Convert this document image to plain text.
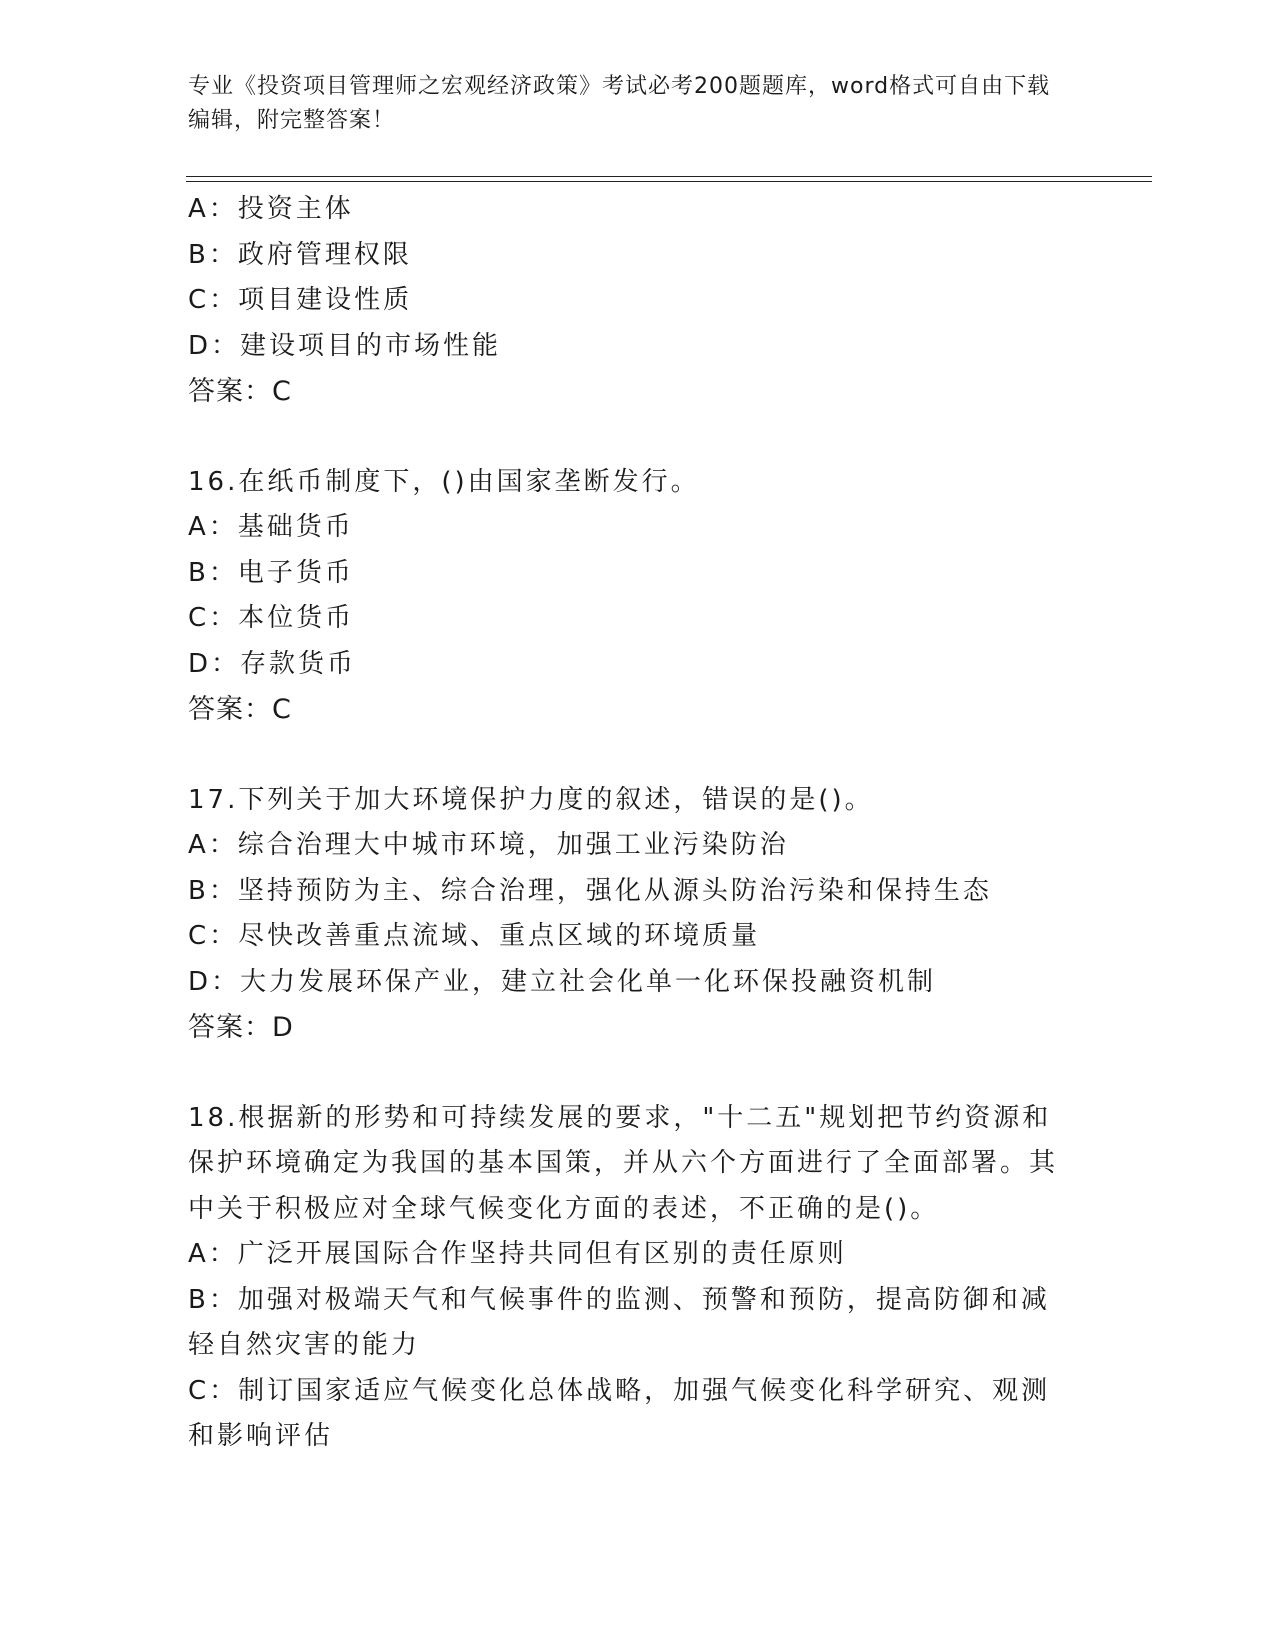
专业《投资项目管理师之宏观经济政策》考试必考200题题库，word格式可自由下载编辑，附完整答案！
A：投资主体
B：政府管理权限
C：项目建设性质
D：建设项目的市场性能
答案：C
16.在纸币制度下，()由国家垄断发行。
A：基础货币
B：电子货币
C：本位货币
D：存款货币
答案：C
17.下列关于加大环境保护力度的叙述，错误的是()。
A：综合治理大中城市环境，加强工业污染防治
B：坚持预防为主、综合治理，强化从源头防治污染和保持生态
C：尽快改善重点流域、重点区域的环境质量
D：大力发展环保产业，建立社会化单一化环保投融资机制
答案：D
18.根据新的形势和可持续发展的要求，"十二五"规划把节约资源和保护环境确定为我国的基本国策，并从六个方面进行了全面部署。其中关于积极应对全球气候变化方面的表述，不正确的是()。
A：广泛开展国际合作坚持共同但有区别的责任原则
B：加强对极端天气和气候事件的监测、预警和预防，提高防御和减轻自然灾害的能力
C：制订国家适应气候变化总体战略，加强气候变化科学研究、观测和影响评估
